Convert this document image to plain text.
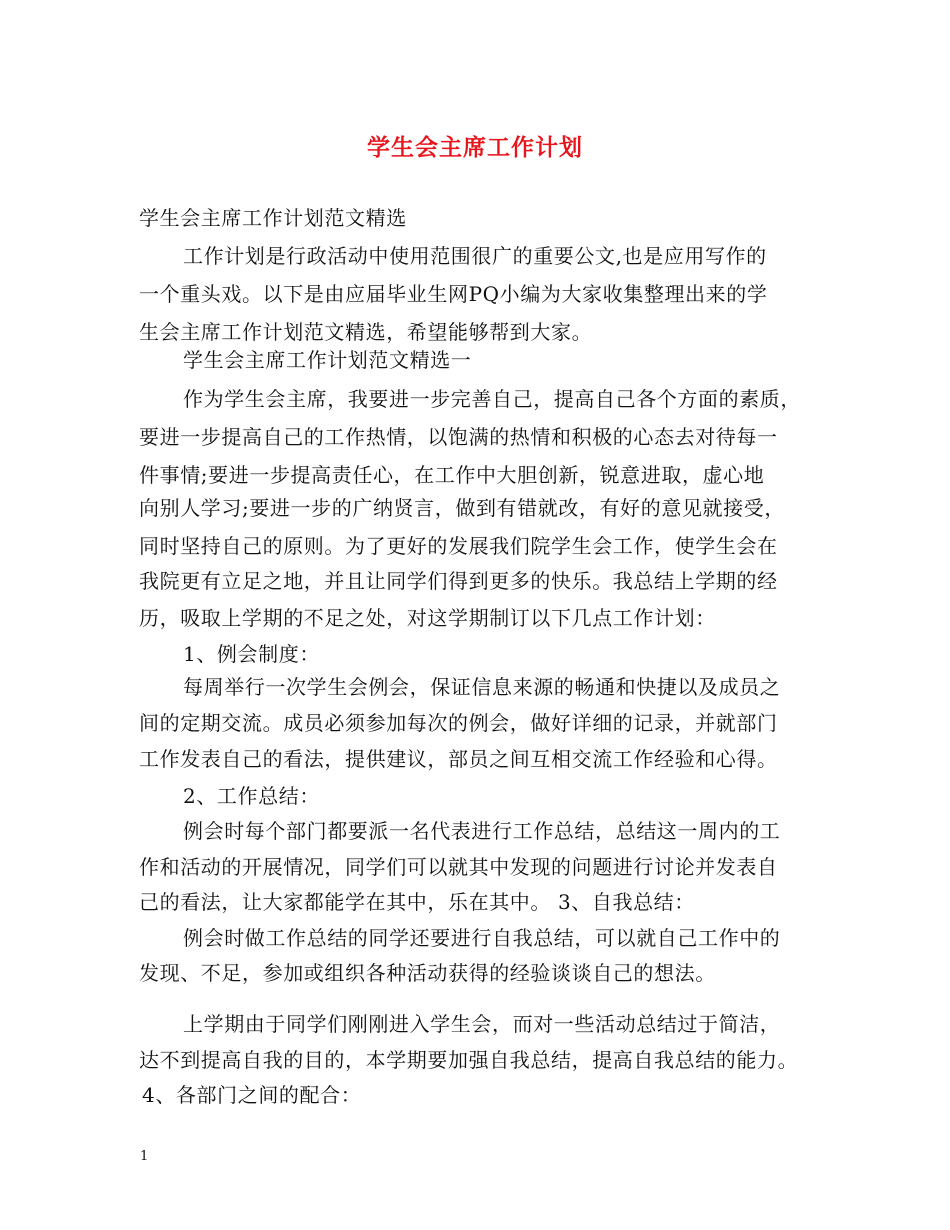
学生会主席工作计划
学生会主席工作计划范文精选
工作计划是行政活动中使用范围很广的重要公文,也是应用写作的
一个重头戏。以下是由应届毕业生网PQ小编为大家收集整理出来的学
生会主席工作计划范文精选，希望能够帮到大家。
学生会主席工作计划范文精选一
作为学生会主席，我要进一步完善自己，提高自己各个方面的素质，
要进一步提高自己的工作热情，以饱满的热情和积极的心态去对待每一
件事情;要进一步提高责任心，在工作中大胆创新，锐意进取，虚心地
向别人学习;要进一步的广纳贤言，做到有错就改，有好的意见就接受，
同时坚持自己的原则。为了更好的发展我们院学生会工作，使学生会在
我院更有立足之地，并且让同学们得到更多的快乐。我总结上学期的经
历，吸取上学期的不足之处，对这学期制订以下几点工作计划：
1、例会制度：
每周举行一次学生会例会，保证信息来源的畅通和快捷以及成员之
间的定期交流。成员必须参加每次的例会，做好详细的记录，并就部门
工作发表自己的看法，提供建议，部员之间互相交流工作经验和心得。
2、工作总结：
例会时每个部门都要派一名代表进行工作总结，总结这一周内的工
作和活动的开展情况，同学们可以就其中发现的问题进行讨论并发表自
己的看法，让大家都能学在其中，乐在其中。 3、自我总结：
例会时做工作总结的同学还要进行自我总结，可以就自己工作中的
发现、不足，参加或组织各种活动获得的经验谈谈自己的想法。
上学期由于同学们刚刚进入学生会，而对一些活动总结过于简洁，
达不到提高自我的目的，本学期要加强自我总结，提高自我总结的能力。
4、各部门之间的配合：
1
